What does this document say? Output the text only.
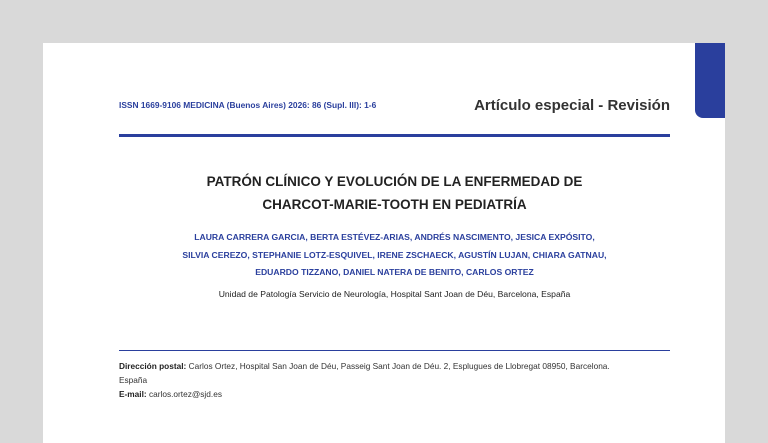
ISSN 1669-9106 MEDICINA (Buenos Aires) 2026: 86 (Supl. III): 1-6	Artículo especial - Revisión
PATRÓN CLÍNICO Y EVOLUCIÓN DE LA ENFERMEDAD DE
CHARCOT-MARIE-TOOTH EN PEDIATRÍA
LAURA CARRERA GARCIA, BERTA ESTÉVEZ-ARIAS, ANDRÉS NASCIMENTO, JESICA EXPÓSITO,
SILVIA CEREZO, STEPHANIE LOTZ-ESQUIVEL, IRENE ZSCHAECK, AGUSTÍN LUJAN, CHIARA GATNAU,
EDUARDO TIZZANO, DANIEL NATERA DE BENITO, CARLOS ORTEZ
Unidad de Patología Servicio de Neurología, Hospital Sant Joan de Déu, Barcelona, España
Dirección postal: Carlos Ortez, Hospital San Joan de Déu, Passeig Sant Joan de Déu. 2, Esplugues de Llobregat 08950, Barcelona.
España
E-mail: carlos.ortez@sjd.es
